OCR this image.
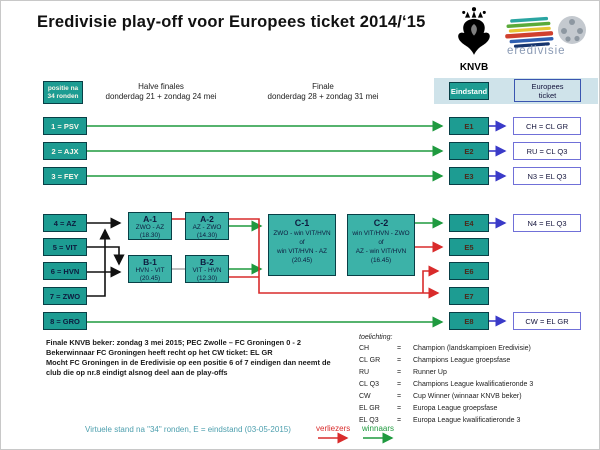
Eredivisie play-off voor Europees ticket 2014/‘15
KNVB
eredivisie
positie na
34 ronden
Halve finales
donderdag 21 + zondag 24 mei
Finale
donderdag 28 + zondag 31 mei
Eindstand
Europees
ticket
1 = PSV
2 = AJX
3 = FEY
4 = AZ
5 = VIT
6 = HVN
7 = ZWO
8 = GRO
A-1
ZWO - AZ
(18.30)
A-2
AZ - ZWO
(14.30)
B-1
HVN - VIT
(20.45)
B-2
VIT - HVN
(12.30)
C-1
ZWO - win VIT/HVN
of
win VIT/HVN - AZ
(20.45)
C-2
win VIT/HVN - ZWO
of
AZ - win VIT/HVN
(16.45)
E1
E2
E3
E4
E5
E6
E7
E8
CH = CL GR
RU = CL Q3
N3 = EL Q3
N4 = EL Q3
CW = EL GR
Finale KNVB beker: zondag 3 mei 2015; PEC Zwolle – FC Groningen 0 - 2
Bekerwinnaar FC Groningen heeft recht op het CW ticket: EL GR
Mocht FC Groningen in de Eredivisie op een positie 6 of 7 eindigen dan neemt de
club die op nr.8 eindigt alsnog deel aan de play-offs
toelichting:
CH	=	Champion (landskampioen Eredivisie)
CL GR	=	Champions League groepsfase
RU	=	Runner Up
CL Q3	=	Champions League kwalificatieronde 3
CW	=	Cup Winner (winnaar KNVB beker)
EL GR	=	Europa League groepsfase
EL Q3	=	Europa League kwalificatieronde 3
Virtuele stand na "34" ronden, E = eindstand (03-05-2015)	verliezers winnaars
